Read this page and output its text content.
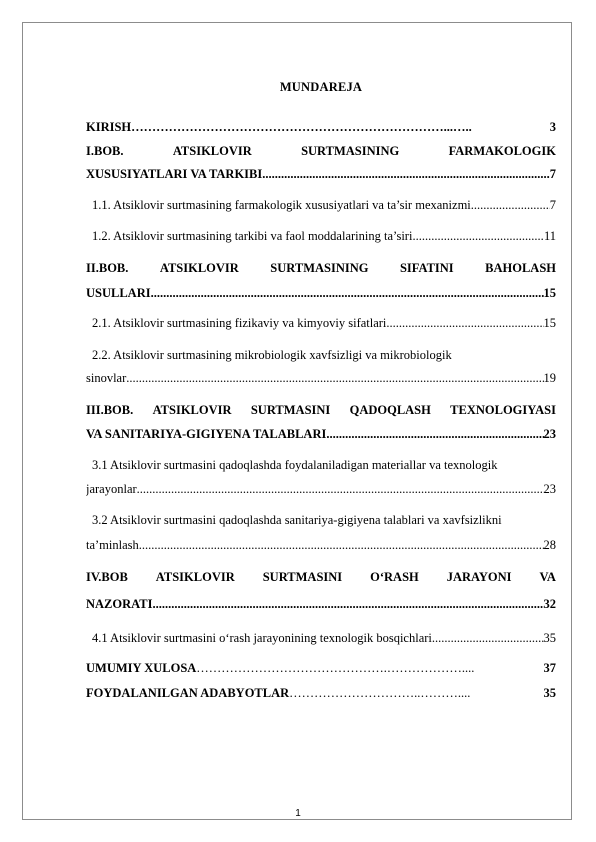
MUNDAREJA
KIRISH …………………………………………………………………...…..	3
I.BOB.	ATSIKLOVIR	SURTMASINING	FARMAKOLOGIK
XUSUSIYATLARI VA TARKIBI .....	7
1.1. Atsiklovir surtmasining farmakologik xususiyatlari va ta’sir mexanizmi .....	7
1.2. Atsiklovir surtmasining tarkibi va faol moddalarining ta’siri .....	11
II.BOB.	ATSIKLOVIR	SURTMASINING	SIFATINI	BAHOLASH
USULLARI .....	15
2.1. Atsiklovir surtmasining fizikaviy va kimyoviy sifatlari .....	15
2.2. Atsiklovir surtmasining mikrobiologik xavfsizligi va mikrobiologik
sinovlar .....	19
III.BOB. ATSIKLOVIR SURTMASINI QADOQLASH TEXNOLOGIYASI
VA SANITARIYA-GIGIYENA TALABLARI .....	23
3.1 Atsiklovir surtmasini qadoqlashda foydalaniladigan materiallar va texnologik
jarayonlar .....	23
3.2 Atsiklovir surtmasini qadoqlashda sanitariya-gigiyena talablari va xavfsizlikni
ta’minlash .....	28
IV.BOB ATSIKLOVIR SURTMASINI O‘RASH JARAYONI VA
NAZORATI .....	32
4.1 Atsiklovir surtmasini o‘rash jarayonining texnologik bosqichlari .....	35
UMUMIY XULOSA ……………………………………….………………....	37
FOYDALANILGAN ADABYOTLAR …………………………..………....	35
1
